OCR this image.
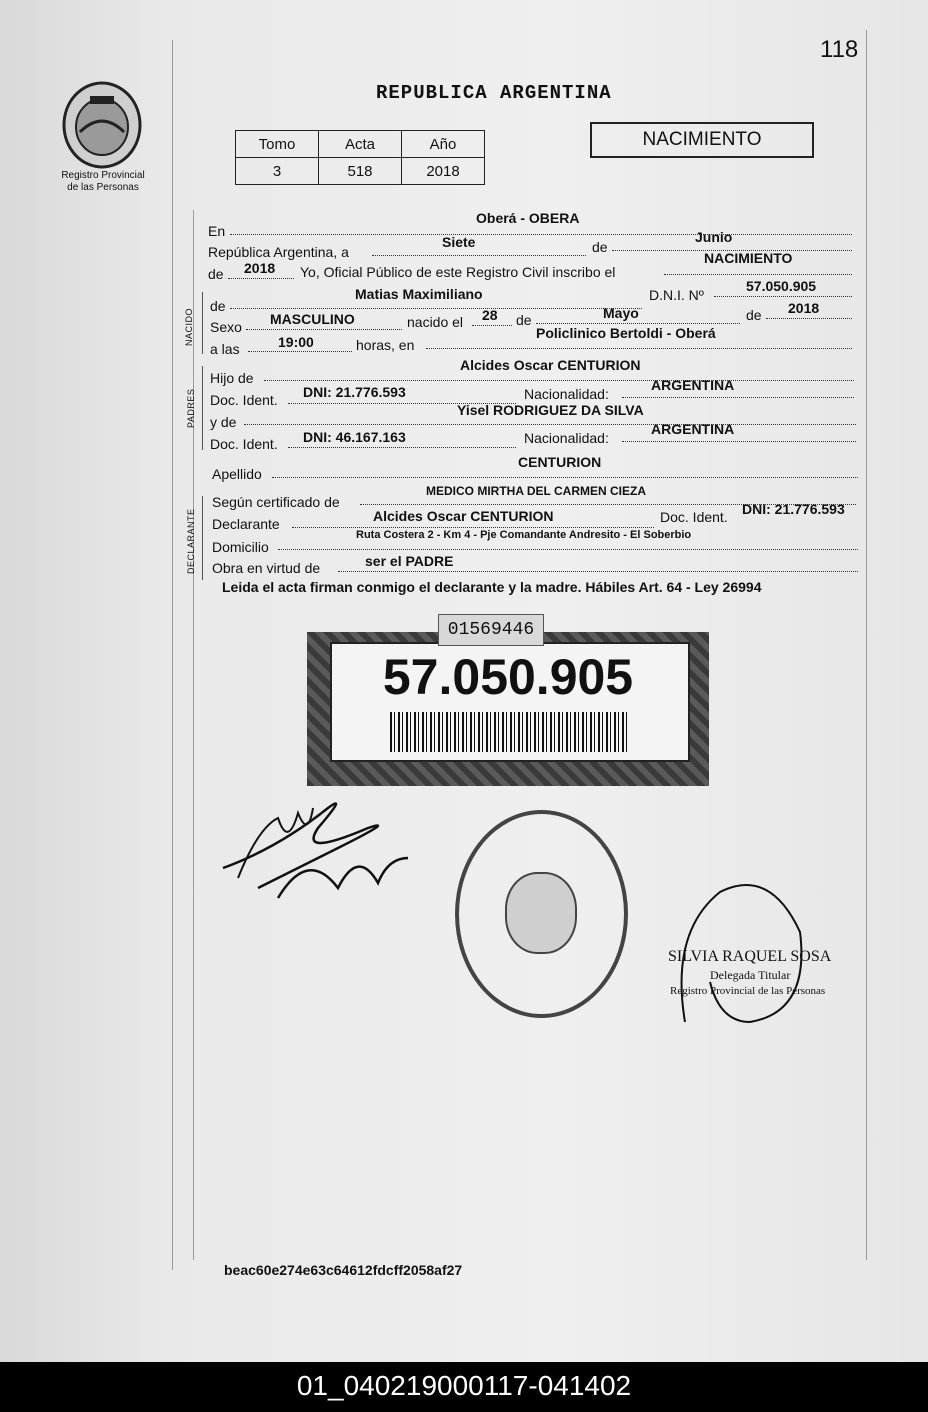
118
Registro Provincial
de las Personas
REPUBLICA ARGENTINA
Tomo	Acta	Año
3	518	2018
NACIMIENTO
En
Oberá - OBERA
República Argentina, a
Siete	de
Junio
de 2018 Yo, Oficial Público de este Registro Civil inscribo el
NACIMIENTO
NACIDO
de
Matias Maximiliano	D.N.I. Nº
57.050.905
Sexo MASCULINO	nacido el 28 de	Mayo	de 2018
a las	19:00	horas, en
Policlinico Bertoldi - Oberá
PADRES
Hijo de
Alcides Oscar CENTURION
Doc. Ident. DNI: 21.776.593	Nacionalidad:
ARGENTINA
y de
Yisel RODRIGUEZ DA SILVA
Doc. Ident. DNI: 46.167.163	Nacionalidad:
ARGENTINA
Apellido
CENTURION
DECLARANTE
Según certificado de
MEDICO MIRTHA DEL CARMEN CIEZA
Declarante	Alcides Oscar CENTURION	Doc. Ident. DNI: 21.776.593
Domicilio
Ruta Costera 2 - Km 4 - Pje Comandante Andresito - El Soberbio
Obra en virtud de	ser el PADRE
Leida el acta firman conmigo el declarante y la madre. Hábiles Art. 64 - Ley 26994
01569446
57.050.905
SILVIA RAQUEL SOSA
Delegada Titular
Registro Provincial de las Personas
beac60e274e63c64612fdcff2058af27
01_040219000117-041402
